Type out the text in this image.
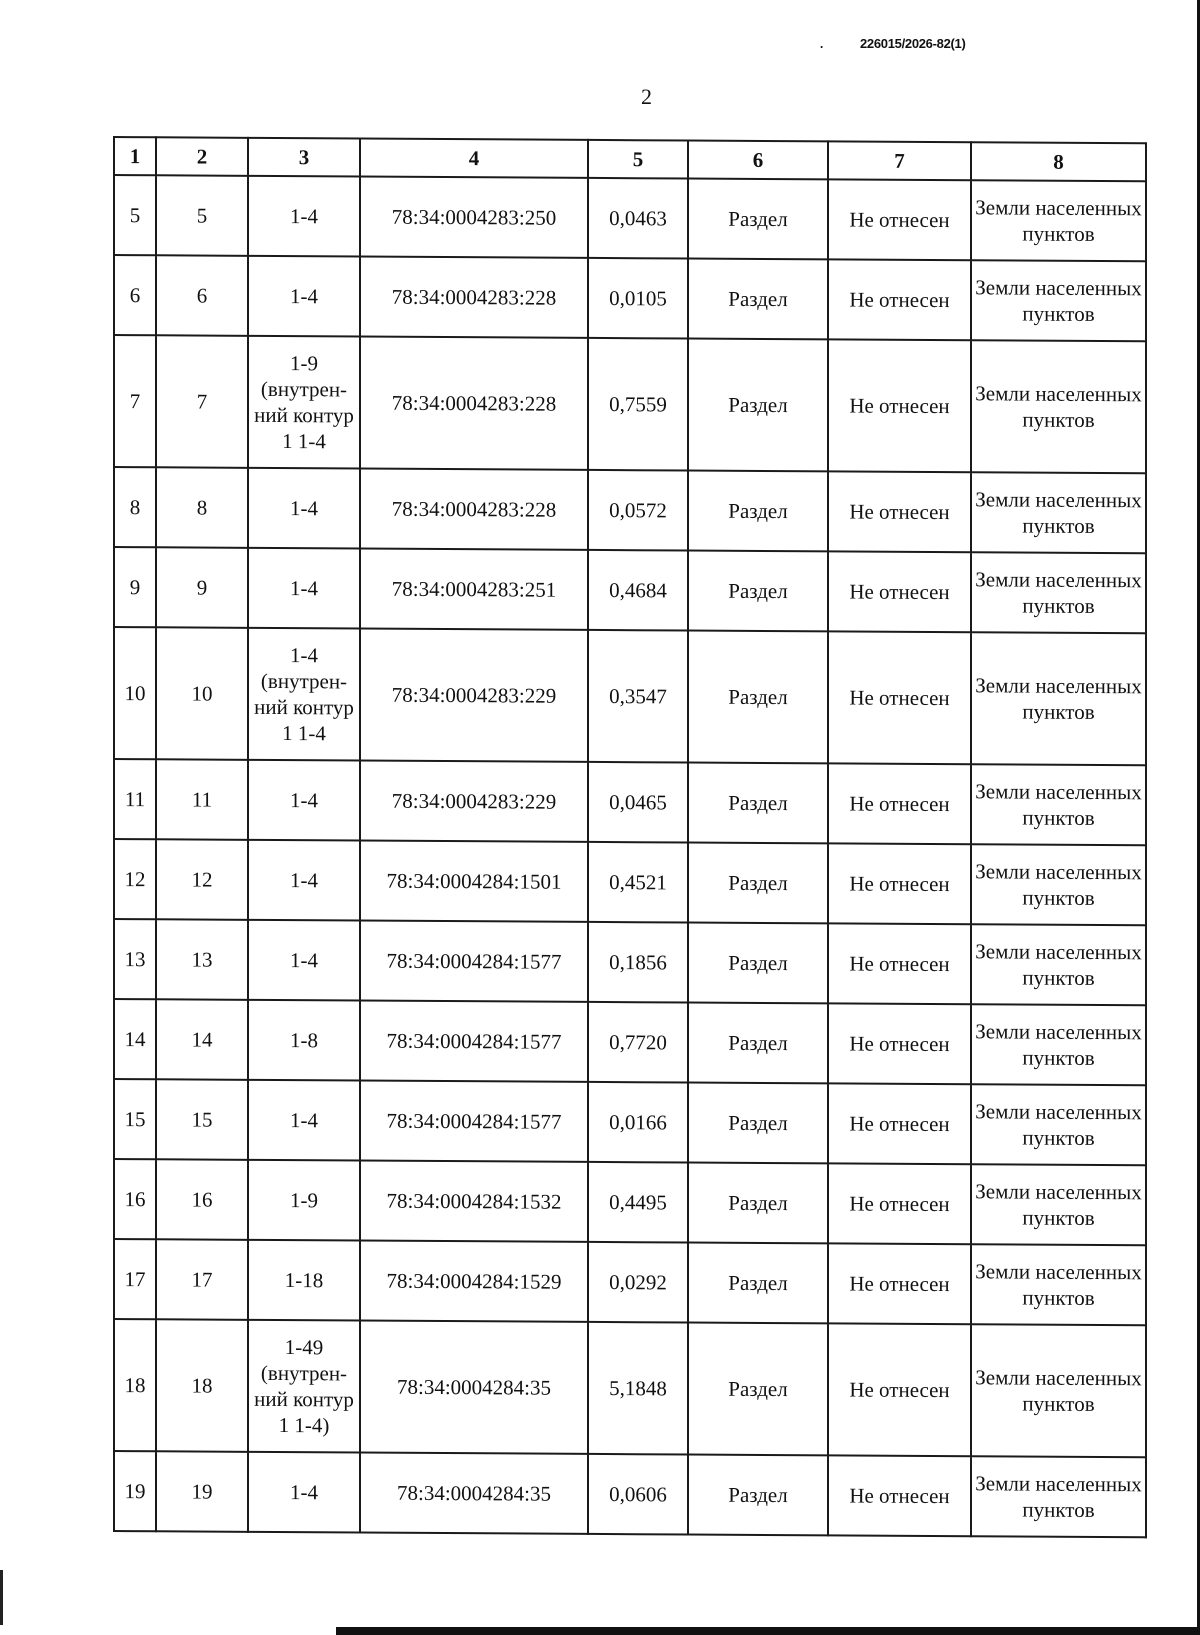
.	226015/2026-82(1)
2
1	2	3	4	5	6	7	8
5	5	1-4	78:34:0004283:250	0,0463	Раздел	Не отнесен	Земли населенных пунктов
6	6	1-4	78:34:0004283:228	0,0105	Раздел	Не отнесен	Земли населенных пунктов
7	7	1-9 (внутрен-ний контур 1 1-4	78:34:0004283:228	0,7559	Раздел	Не отнесен	Земли населенных пунктов
8	8	1-4	78:34:0004283:228	0,0572	Раздел	Не отнесен	Земли населенных пунктов
9	9	1-4	78:34:0004283:251	0,4684	Раздел	Не отнесен	Земли населенных пунктов
10	10	1-4 (внутрен-ний контур 1 1-4	78:34:0004283:229	0,3547	Раздел	Не отнесен	Земли населенных пунктов
11	11	1-4	78:34:0004283:229	0,0465	Раздел	Не отнесен	Земли населенных пунктов
12	12	1-4	78:34:0004284:1501	0,4521	Раздел	Не отнесен	Земли населенных пунктов
13	13	1-4	78:34:0004284:1577	0,1856	Раздел	Не отнесен	Земли населенных пунктов
14	14	1-8	78:34:0004284:1577	0,7720	Раздел	Не отнесен	Земли населенных пунктов
15	15	1-4	78:34:0004284:1577	0,0166	Раздел	Не отнесен	Земли населенных пунктов
16	16	1-9	78:34:0004284:1532	0,4495	Раздел	Не отнесен	Земли населенных пунктов
17	17	1-18	78:34:0004284:1529	0,0292	Раздел	Не отнесен	Земли населенных пунктов
18	18	1-49 (внутрен-ний контур 1 1-4)	78:34:0004284:35	5,1848	Раздел	Не отнесен	Земли населенных пунктов
19	19	1-4	78:34:0004284:35	0,0606	Раздел	Не отнесен	Земли населенных пунктов
